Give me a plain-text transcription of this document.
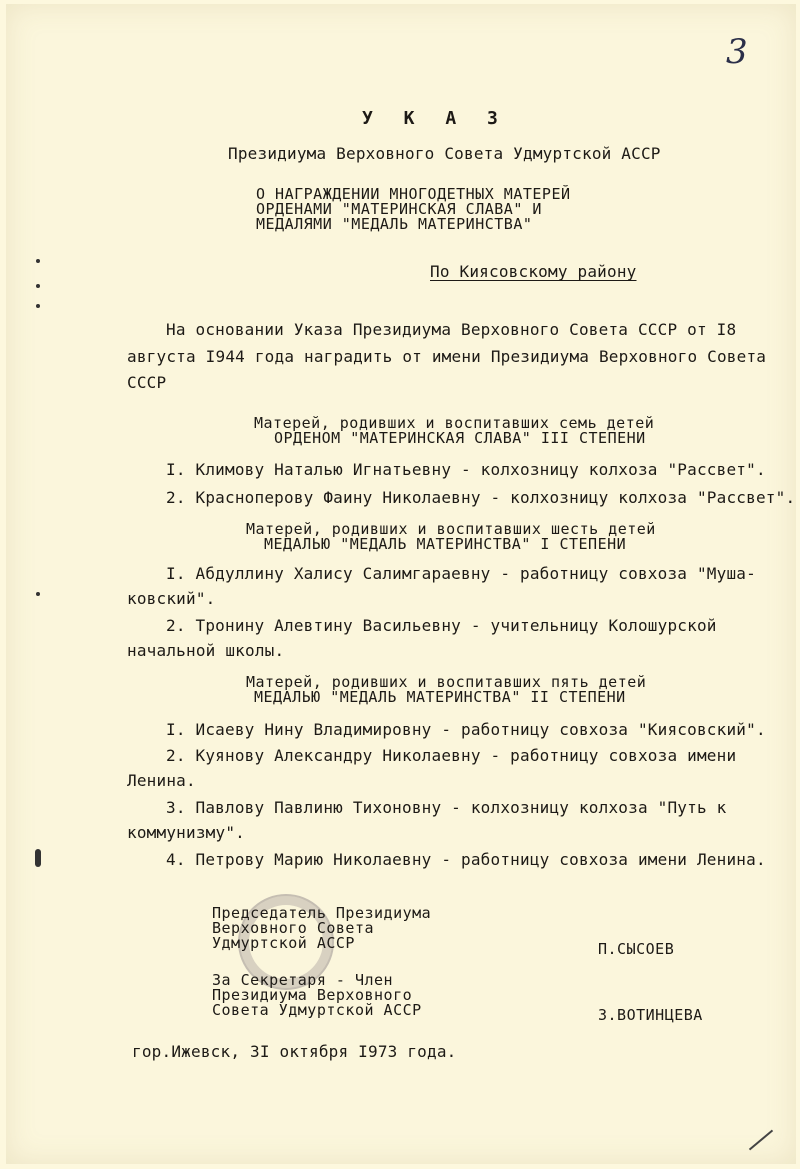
3
У К А З
Президиума Верховного Совета Удмуртской АССР
О НАГРАЖДЕНИИ МНОГОДЕТНЫХ МАТЕРЕЙ
ОРДЕНАМИ "МАТЕРИНСКАЯ СЛАВА" И
МЕДАЛЯМИ "МЕДАЛЬ МАТЕРИНСТВА"
По Киясовскому району
На основании Указа Президиума Верховного Совета СССР от I8
августа I944 года наградить от имени Президиума Верховного Совета
СССР
Матерей, родивших и воспитавших семь детей
ОРДЕНОМ "МАТЕРИНСКАЯ СЛАВА" III СТЕПЕНИ
I. Климову Наталью Игнатьевну - колхозницу колхоза "Рассвет".
2. Красноперову Фаину Николаевну - колхозницу колхоза "Рассвет".
Матерей, родивших и воспитавших шесть детей
МЕДАЛЬЮ "МЕДАЛЬ МАТЕРИНСТВА" I СТЕПЕНИ
I. Абдуллину Халису Салимгараевну - работницу совхоза "Муша-
ковский".
2. Тронину Алевтину Васильевну - учительницу Колошурской
начальной школы.
Матерей, родивших и воспитавших пять детей
МЕДАЛЬЮ "МЕДАЛЬ МАТЕРИНСТВА" II СТЕПЕНИ
I. Исаеву Нину Владимировну - работницу совхоза "Киясовский".
2. Куянову Александру Николаевну - работницу совхоза имени
Ленина.
3. Павлову Павлиню Тихоновну - колхозницу колхоза "Путь к
коммунизму".
4. Петрову Марию Николаевну - работницу совхоза имени Ленина.
Председатель Президиума
Верховного Совета
Удмуртской АССР	П.СЫСОЕВ
За Секретаря - Член
Президиума Верховного
Совета Удмуртской АССР	З.ВОТИНЦЕВА
гор.Ижевск, 3I октября I973 года.
